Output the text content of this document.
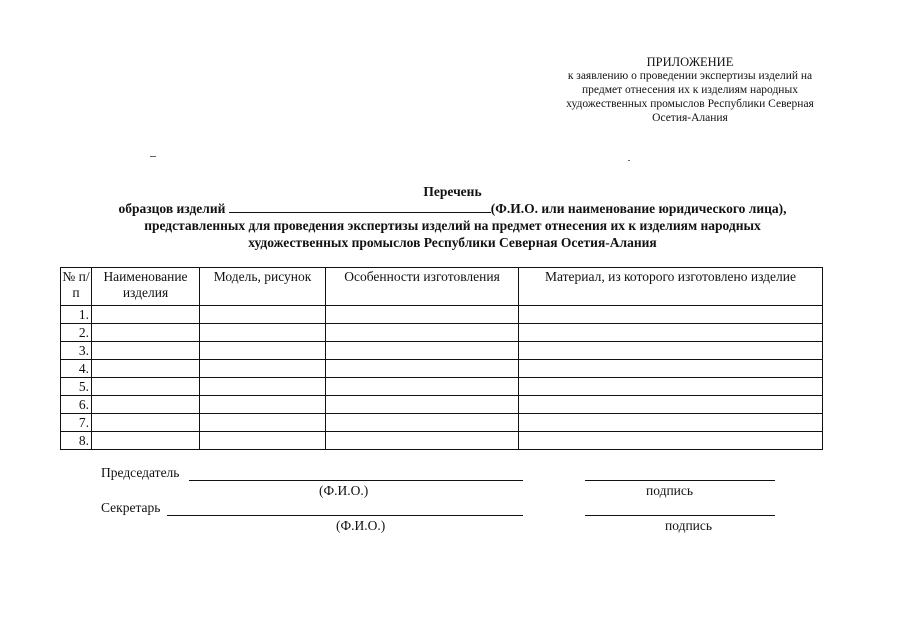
ПРИЛОЖЕНИЕ
к заявлению о проведении экспертизы изделий на
предмет отнесения их к изделиям народных
художественных промыслов Республики Северная
Осетия-Алания
Перечень
образцов изделий	(Ф.И.О. или наименование юридического лица),
представленных для проведения экспертизы изделий на предмет отнесения их к изделиям народных
художественных промыслов Республики Северная Осетия-Алания
№ п/п	Наименование изделия	Модель, рисунок	Особенности изготовления	Материал, из которого изготовлено изделие
1.				
2.				
3.				
4.				
5.				
6.				
7.				
8.				
Председатель
(Ф.И.О.)	подпись
Секретарь
(Ф.И.О.)	подпись
